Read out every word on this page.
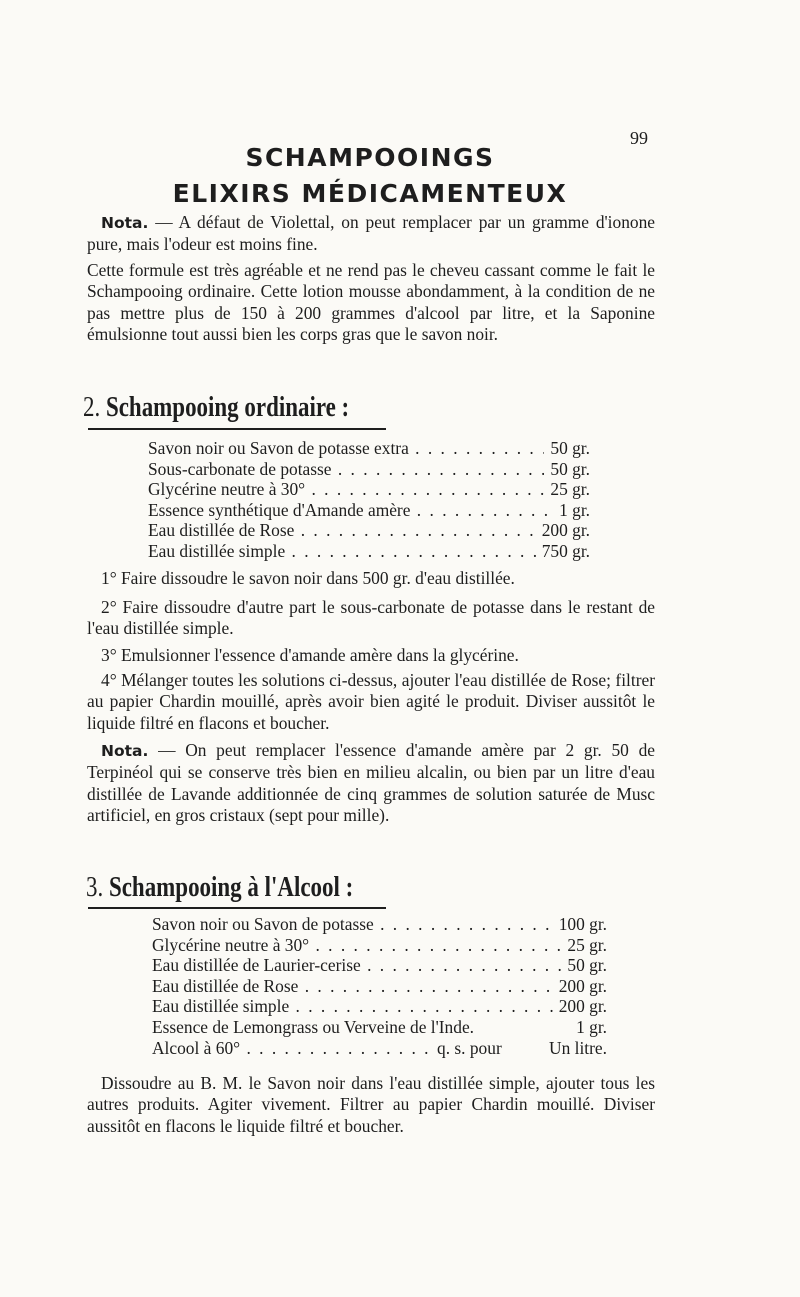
99
SCHAMPOOINGS
ELIXIRS MÉDICAMENTEUX

Nota. — A défaut de Violettal, on peut remplacer par un gramme d'ionone pure, mais l'odeur est moins fine.

Cette formule est très agréable et ne rend pas le cheveu cassant comme le fait le Schampooing ordinaire. Cette lotion mousse abondamment, à la condition de ne pas mettre plus de 150 à 200 grammes d'alcool par litre, et la Saponine émulsionne tout aussi bien les corps gras que le savon noir.

2. Schampooing ordinaire :
Savon noir ou Savon de potasse extra . . .	50 gr.
Sous-carbonate de potasse . . .	50 gr.
Glycérine neutre à 30° . . .	25 gr.
Essence synthétique d'Amande amère . . .	1 gr.
Eau distillée de Rose . . .	200 gr.
Eau distillée simple . . .	750 gr.

1° Faire dissoudre le savon noir dans 500 gr. d'eau distillée.

2° Faire dissoudre d'autre part le sous-carbonate de potasse dans le restant de l'eau distillée simple.

3° Emulsionner l'essence d'amande amère dans la glycérine.

4° Mélanger toutes les solutions ci-dessus, ajouter l'eau distillée de Rose; filtrer au papier Chardin mouillé, après avoir bien agité le produit. Diviser aussitôt le liquide filtré en flacons et boucher.

Nota. — On peut remplacer l'essence d'amande amère par 2 gr. 50 de Terpinéol qui se conserve très bien en milieu alcalin, ou bien par un litre d'eau distillée de Lavande additionnée de cinq grammes de solution saturée de Musc artificiel, en gros cristaux (sept pour mille).

3. Schampooing à l'Alcool :
Savon noir ou Savon de potasse . . .	100 gr.
Glycérine neutre à 30° . . .	25 gr.
Eau distillée de Laurier-cerise . . .	50 gr.
Eau distillée de Rose . . .	200 gr.
Eau distillée simple . . .	200 gr.
Essence de Lemongrass ou Verveine de l'Inde.	1 gr.
Alcool à 60° . . .	q. s. pour	Un litre.

Dissoudre au B. M. le Savon noir dans l'eau distillée simple, ajouter tous les autres produits. Agiter vivement. Filtrer au papier Chardin mouillé. Diviser aussitôt en flacons le liquide filtré et boucher.
